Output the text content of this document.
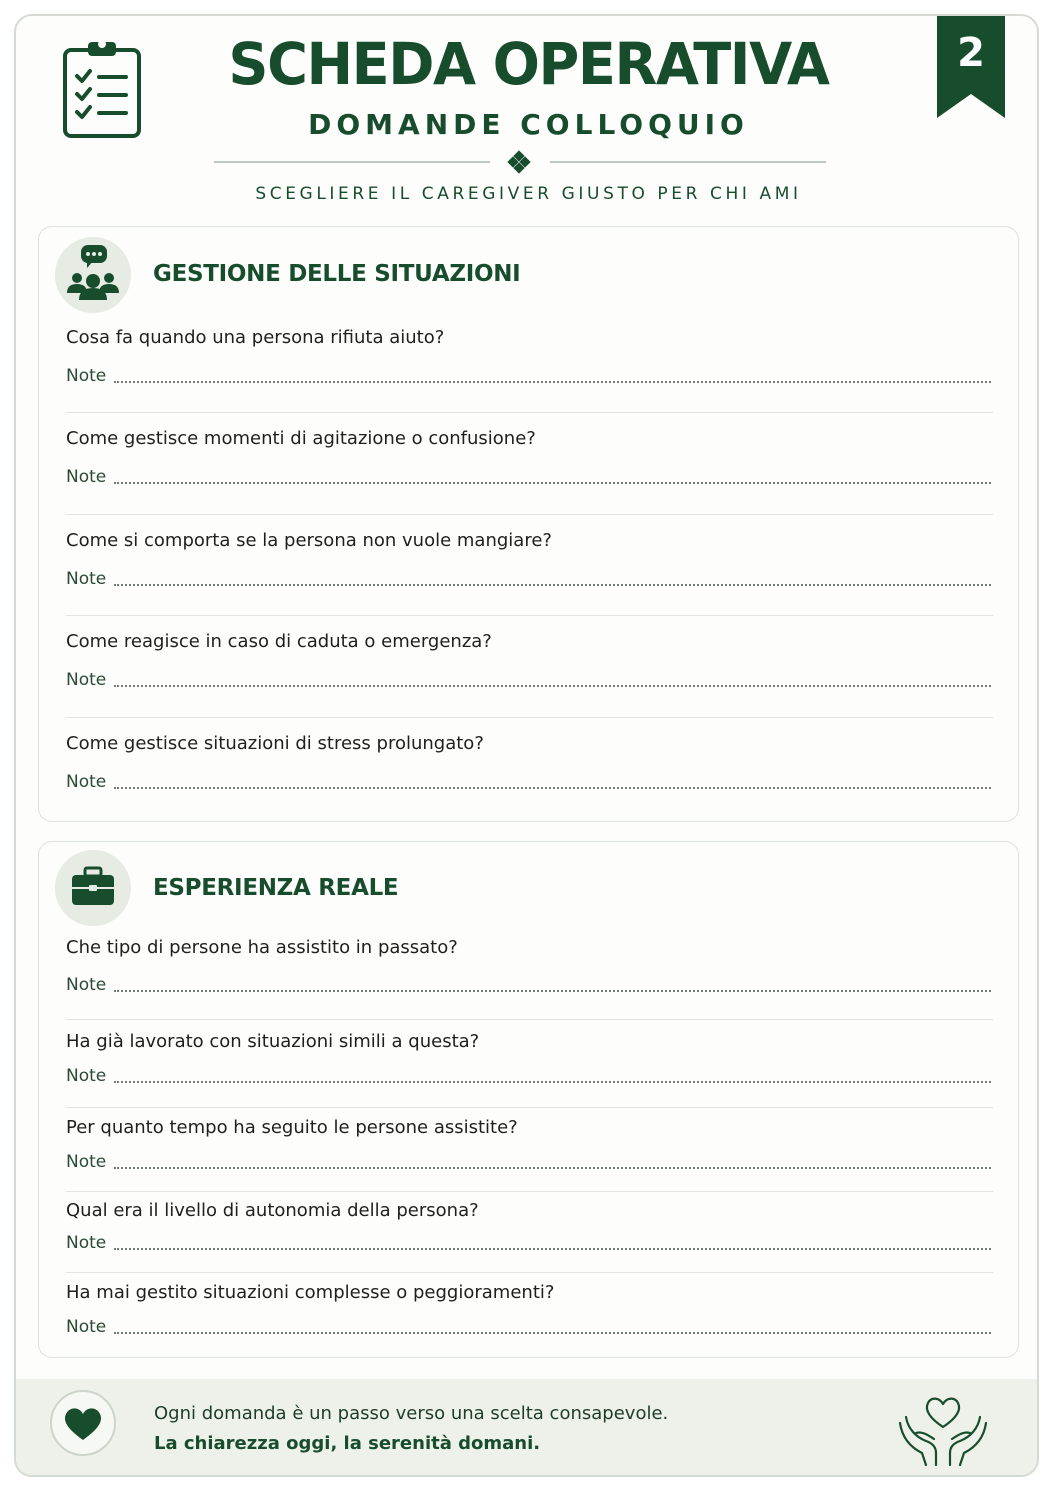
2
SCHEDA OPERATIVA
DOMANDE COLLOQUIO
SCEGLIERE IL CAREGIVER GIUSTO PER CHI AMI
GESTIONE DELLE SITUAZIONI
Cosa fa quando una persona rifiuta aiuto?
Note
Come gestisce momenti di agitazione o confusione?
Note
Come si comporta se la persona non vuole mangiare?
Note
Come reagisce in caso di caduta o emergenza?
Note
Come gestisce situazioni di stress prolungato?
Note
ESPERIENZA REALE
Che tipo di persone ha assistito in passato?
Note
Ha già lavorato con situazioni simili a questa?
Note
Per quanto tempo ha seguito le persone assistite?
Note
Qual era il livello di autonomia della persona?
Note
Ha mai gestito situazioni complesse o peggioramenti?
Note
Ogni domanda è un passo verso una scelta consapevole.
La chiarezza oggi, la serenità domani.
